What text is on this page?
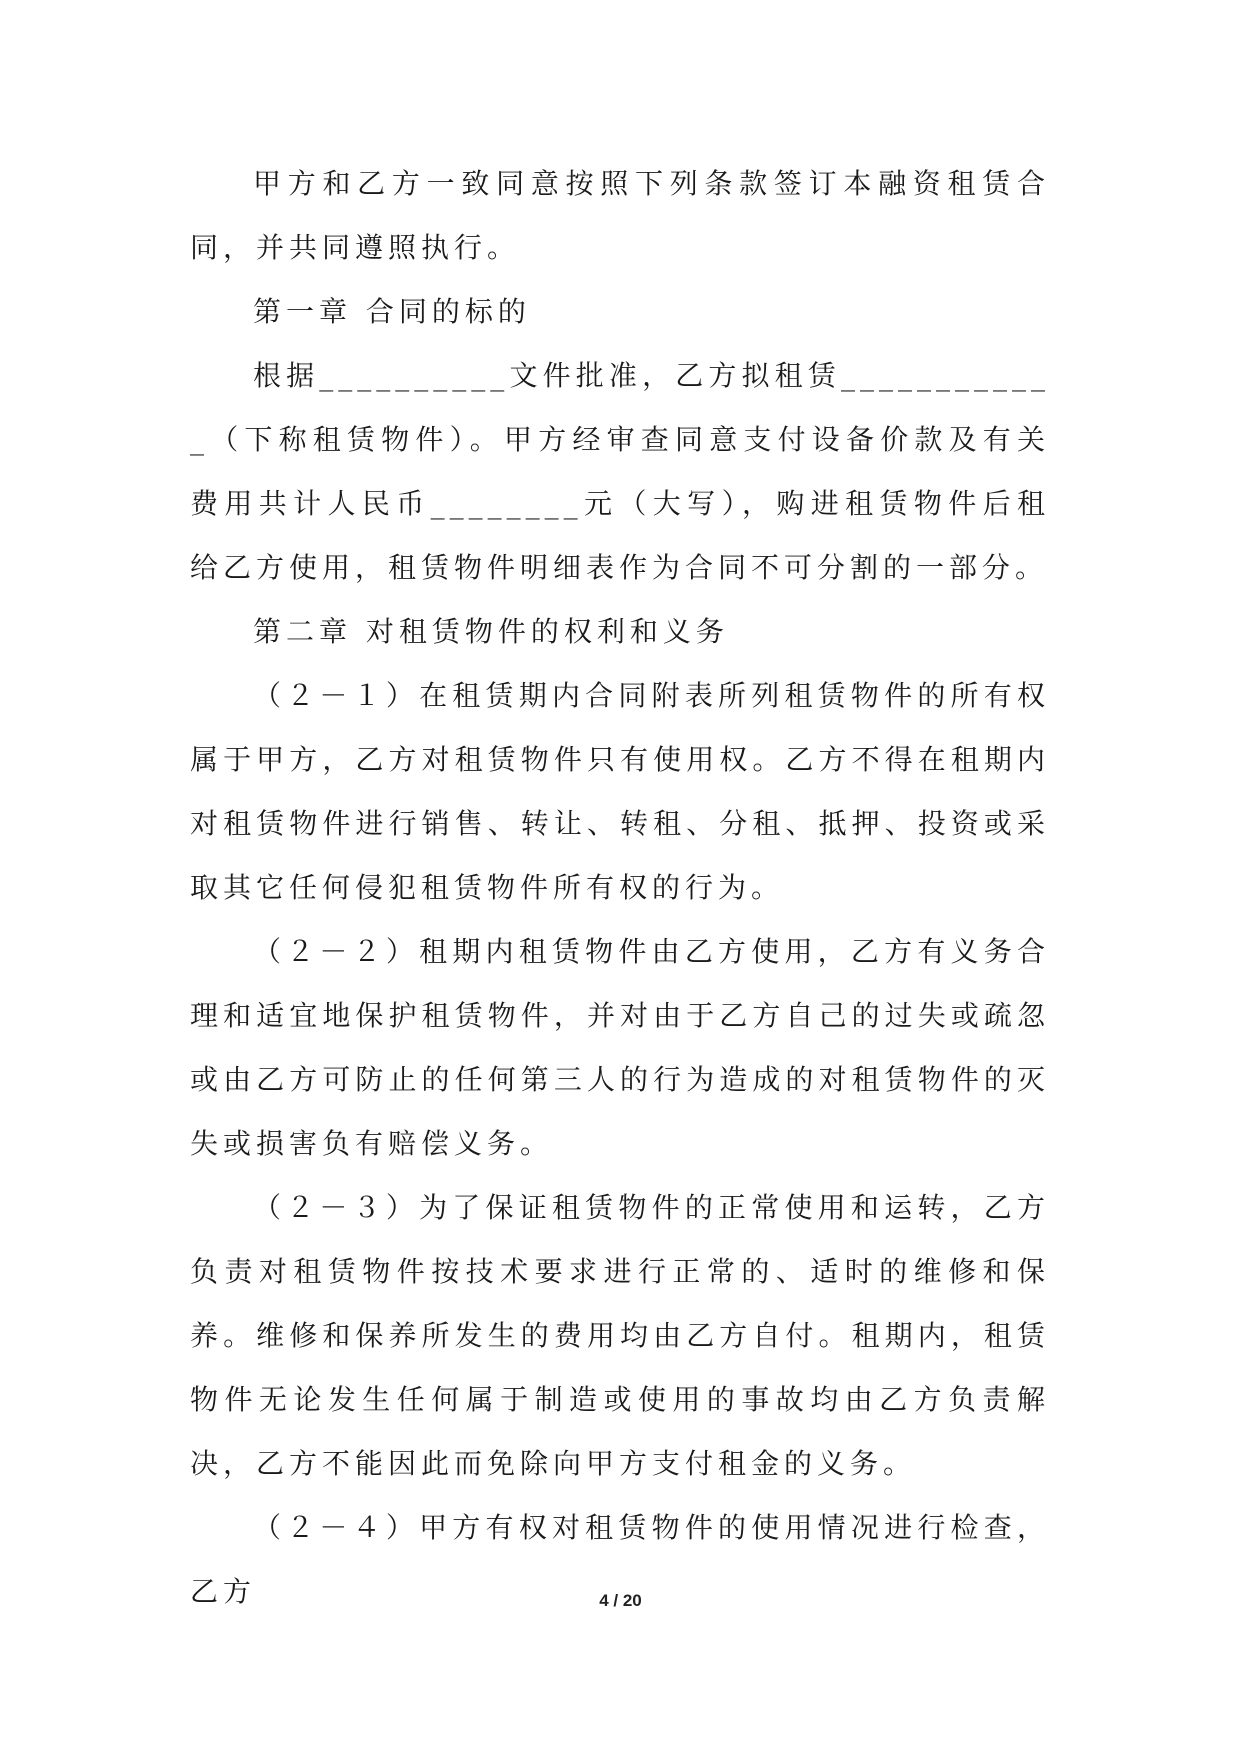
甲方和乙方一致同意按照下列条款签订本融资租赁合同，并共同遵照执行。

第一章 合同的标的

根据__________文件批准，乙方拟租赁____________（下称租赁物件）。甲方经审查同意支付设备价款及有关费用共计人民币________元（大写），购进租赁物件后租给乙方使用，租赁物件明细表作为合同不可分割的一部分。

第二章 对租赁物件的权利和义务

（２－１）在租赁期内合同附表所列租赁物件的所有权属于甲方，乙方对租赁物件只有使用权。乙方不得在租期内对租赁物件进行销售、转让、转租、分租、抵押、投资或采取其它任何侵犯租赁物件所有权的行为。

（２－２）租期内租赁物件由乙方使用，乙方有义务合理和适宜地保护租赁物件，并对由于乙方自己的过失或疏忽或由乙方可防止的任何第三人的行为造成的对租赁物件的灭失或损害负有赔偿义务。

（２－３）为了保证租赁物件的正常使用和运转，乙方负责对租赁物件按技术要求进行正常的、适时的维修和保养。维修和保养所发生的费用均由乙方自付。租期内，租赁物件无论发生任何属于制造或使用的事故均由乙方负责解决，乙方不能因此而免除向甲方支付租金的义务。

（２－４）甲方有权对租赁物件的使用情况进行检查，乙方	4 / 20
